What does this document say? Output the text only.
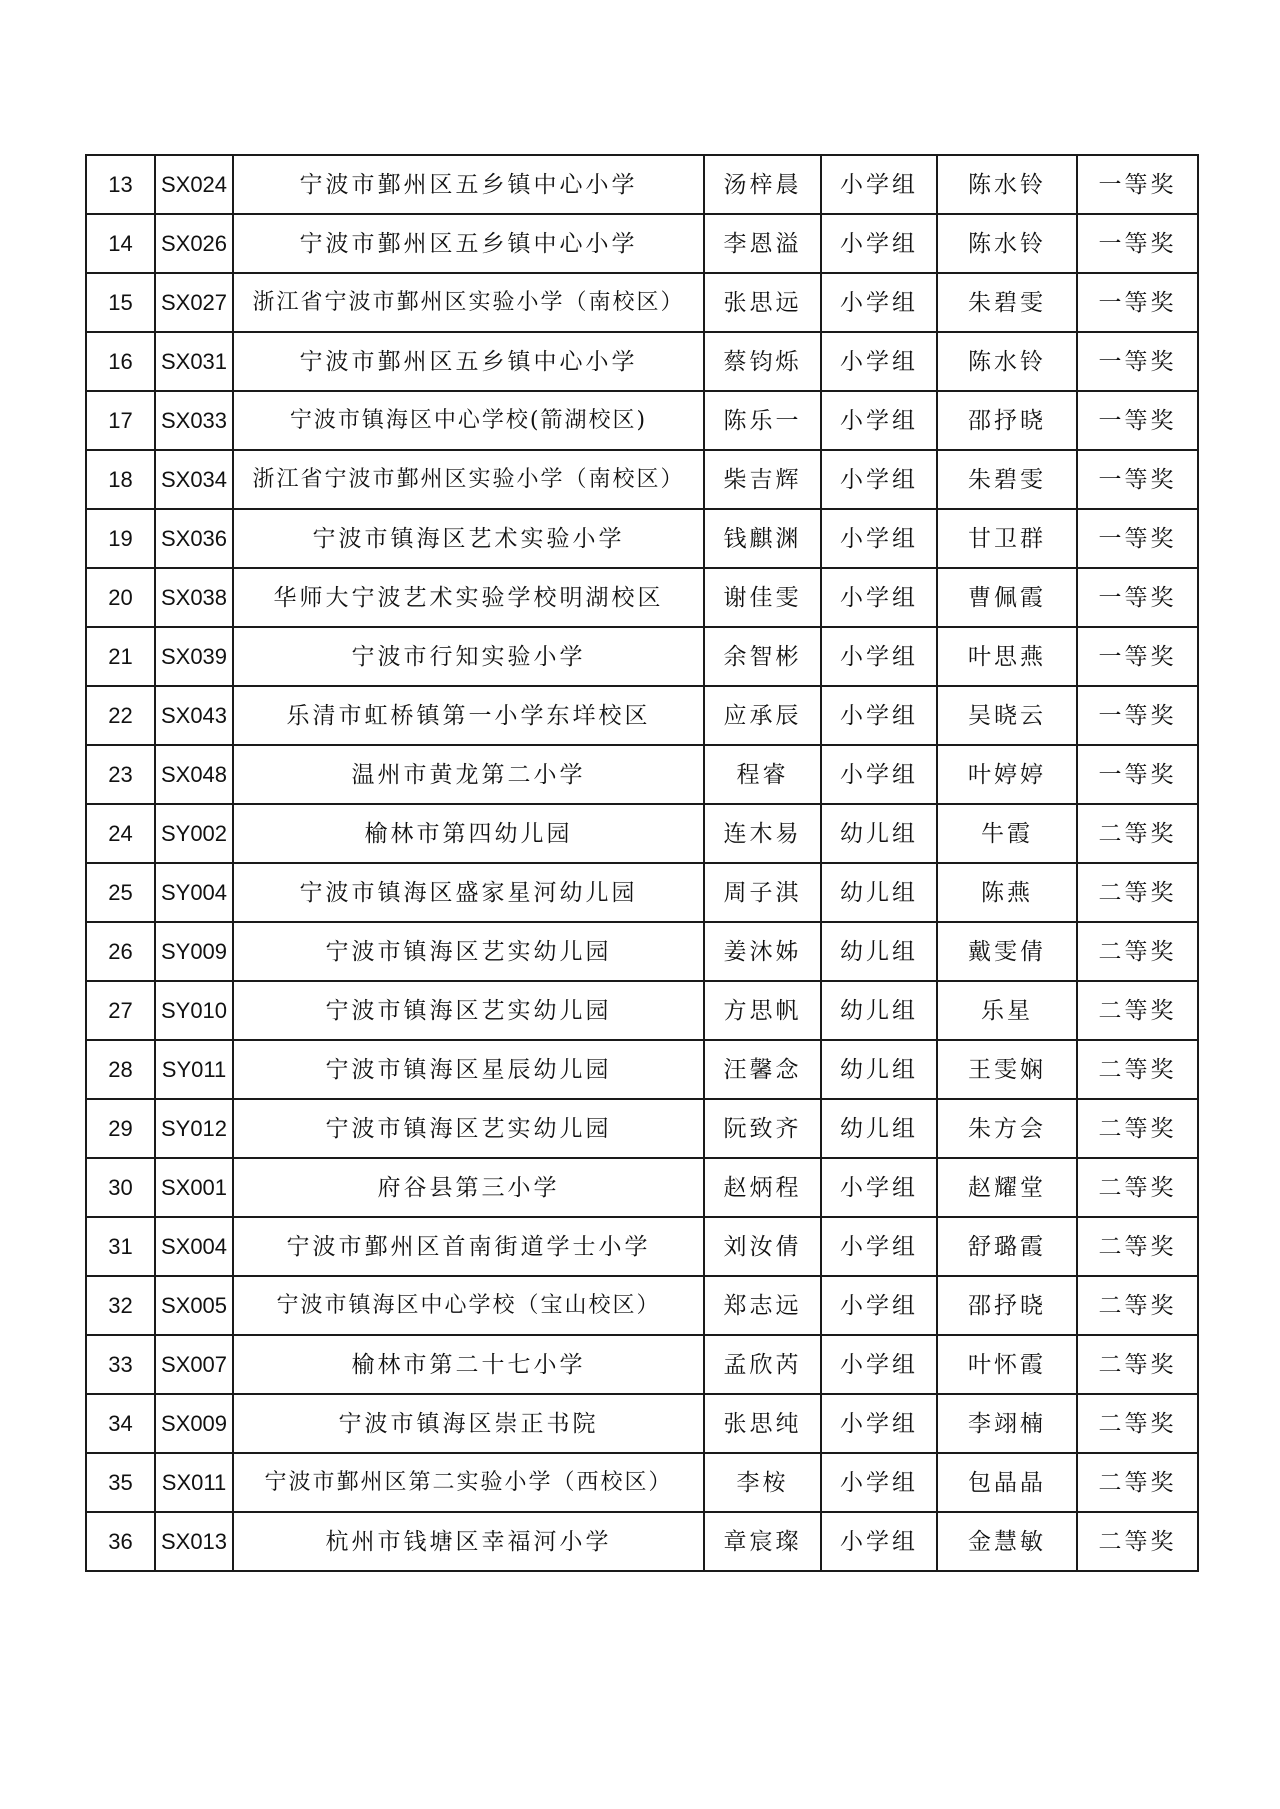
13	SX024	宁波市鄞州区五乡镇中心小学	汤梓晨	小学组	陈水铃	一等奖
14	SX026	宁波市鄞州区五乡镇中心小学	李恩溢	小学组	陈水铃	一等奖
15	SX027	浙江省宁波市鄞州区实验小学（南校区）	张思远	小学组	朱碧雯	一等奖
16	SX031	宁波市鄞州区五乡镇中心小学	蔡钧烁	小学组	陈水铃	一等奖
17	SX033	宁波市镇海区中心学校(箭湖校区)	陈乐一	小学组	邵抒晓	一等奖
18	SX034	浙江省宁波市鄞州区实验小学（南校区）	柴吉辉	小学组	朱碧雯	一等奖
19	SX036	宁波市镇海区艺术实验小学	钱麒渊	小学组	甘卫群	一等奖
20	SX038	华师大宁波艺术实验学校明湖校区	谢佳雯	小学组	曹佩霞	一等奖
21	SX039	宁波市行知实验小学	余智彬	小学组	叶思燕	一等奖
22	SX043	乐清市虹桥镇第一小学东垟校区	应承辰	小学组	吴晓云	一等奖
23	SX048	温州市黄龙第二小学	程睿	小学组	叶婷婷	一等奖
24	SY002	榆林市第四幼儿园	连木易	幼儿组	牛霞	二等奖
25	SY004	宁波市镇海区盛家星河幼儿园	周子淇	幼儿组	陈燕	二等奖
26	SY009	宁波市镇海区艺实幼儿园	姜沐姊	幼儿组	戴雯倩	二等奖
27	SY010	宁波市镇海区艺实幼儿园	方思帆	幼儿组	乐星	二等奖
28	SY011	宁波市镇海区星辰幼儿园	汪馨念	幼儿组	王雯娴	二等奖
29	SY012	宁波市镇海区艺实幼儿园	阮致齐	幼儿组	朱方会	二等奖
30	SX001	府谷县第三小学	赵炳程	小学组	赵耀堂	二等奖
31	SX004	宁波市鄞州区首南街道学士小学	刘汝倩	小学组	舒璐霞	二等奖
32	SX005	宁波市镇海区中心学校（宝山校区）	郑志远	小学组	邵抒晓	二等奖
33	SX007	榆林市第二十七小学	孟欣芮	小学组	叶怀霞	二等奖
34	SX009	宁波市镇海区崇正书院	张思纯	小学组	李翊楠	二等奖
35	SX011	宁波市鄞州区第二实验小学（西校区）	李桉	小学组	包晶晶	二等奖
36	SX013	杭州市钱塘区幸福河小学	章宸璨	小学组	金慧敏	二等奖
